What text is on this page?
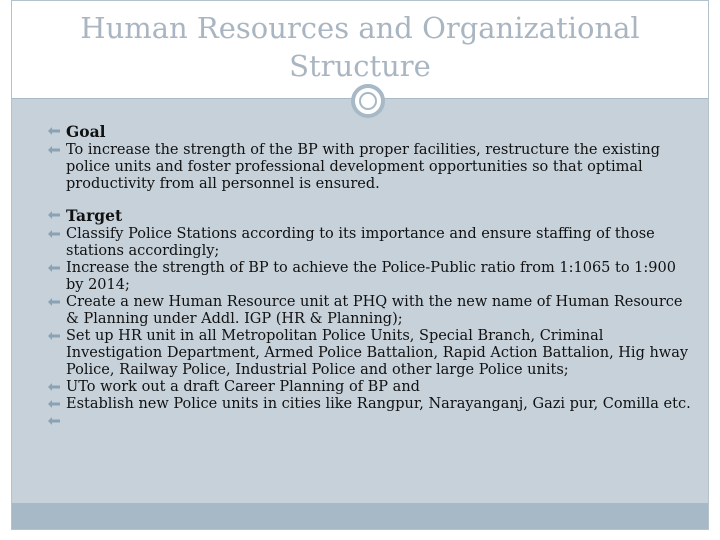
Human Resources and Organizational
Structure
Goal
To increase the strength of the BP with proper facilities, restructure the existing police units and foster professional development opportunities so that optimal productivity from all personnel is ensured.
Target
Classify Police Stations according to its importance and ensure staffing of those stations accordingly;
Increase the strength of BP to achieve the Police-Public ratio from 1:1065 to 1:900 by 2014;
Create a new Human Resource unit at PHQ with the new name of Human Resource & Planning under Addl. IGP (HR & Planning);
Set up HR unit in all Metropolitan Police Units, Special Branch, Criminal Investigation Department, Armed Police Battalion, Rapid Action Battalion, Hig hway Police, Railway Police, Industrial Police and other large Police units;
UTo work out a draft Career Planning of BP and
Establish new Police units in cities like Rangpur, Narayanganj, Gazi pur, Comilla etc.
